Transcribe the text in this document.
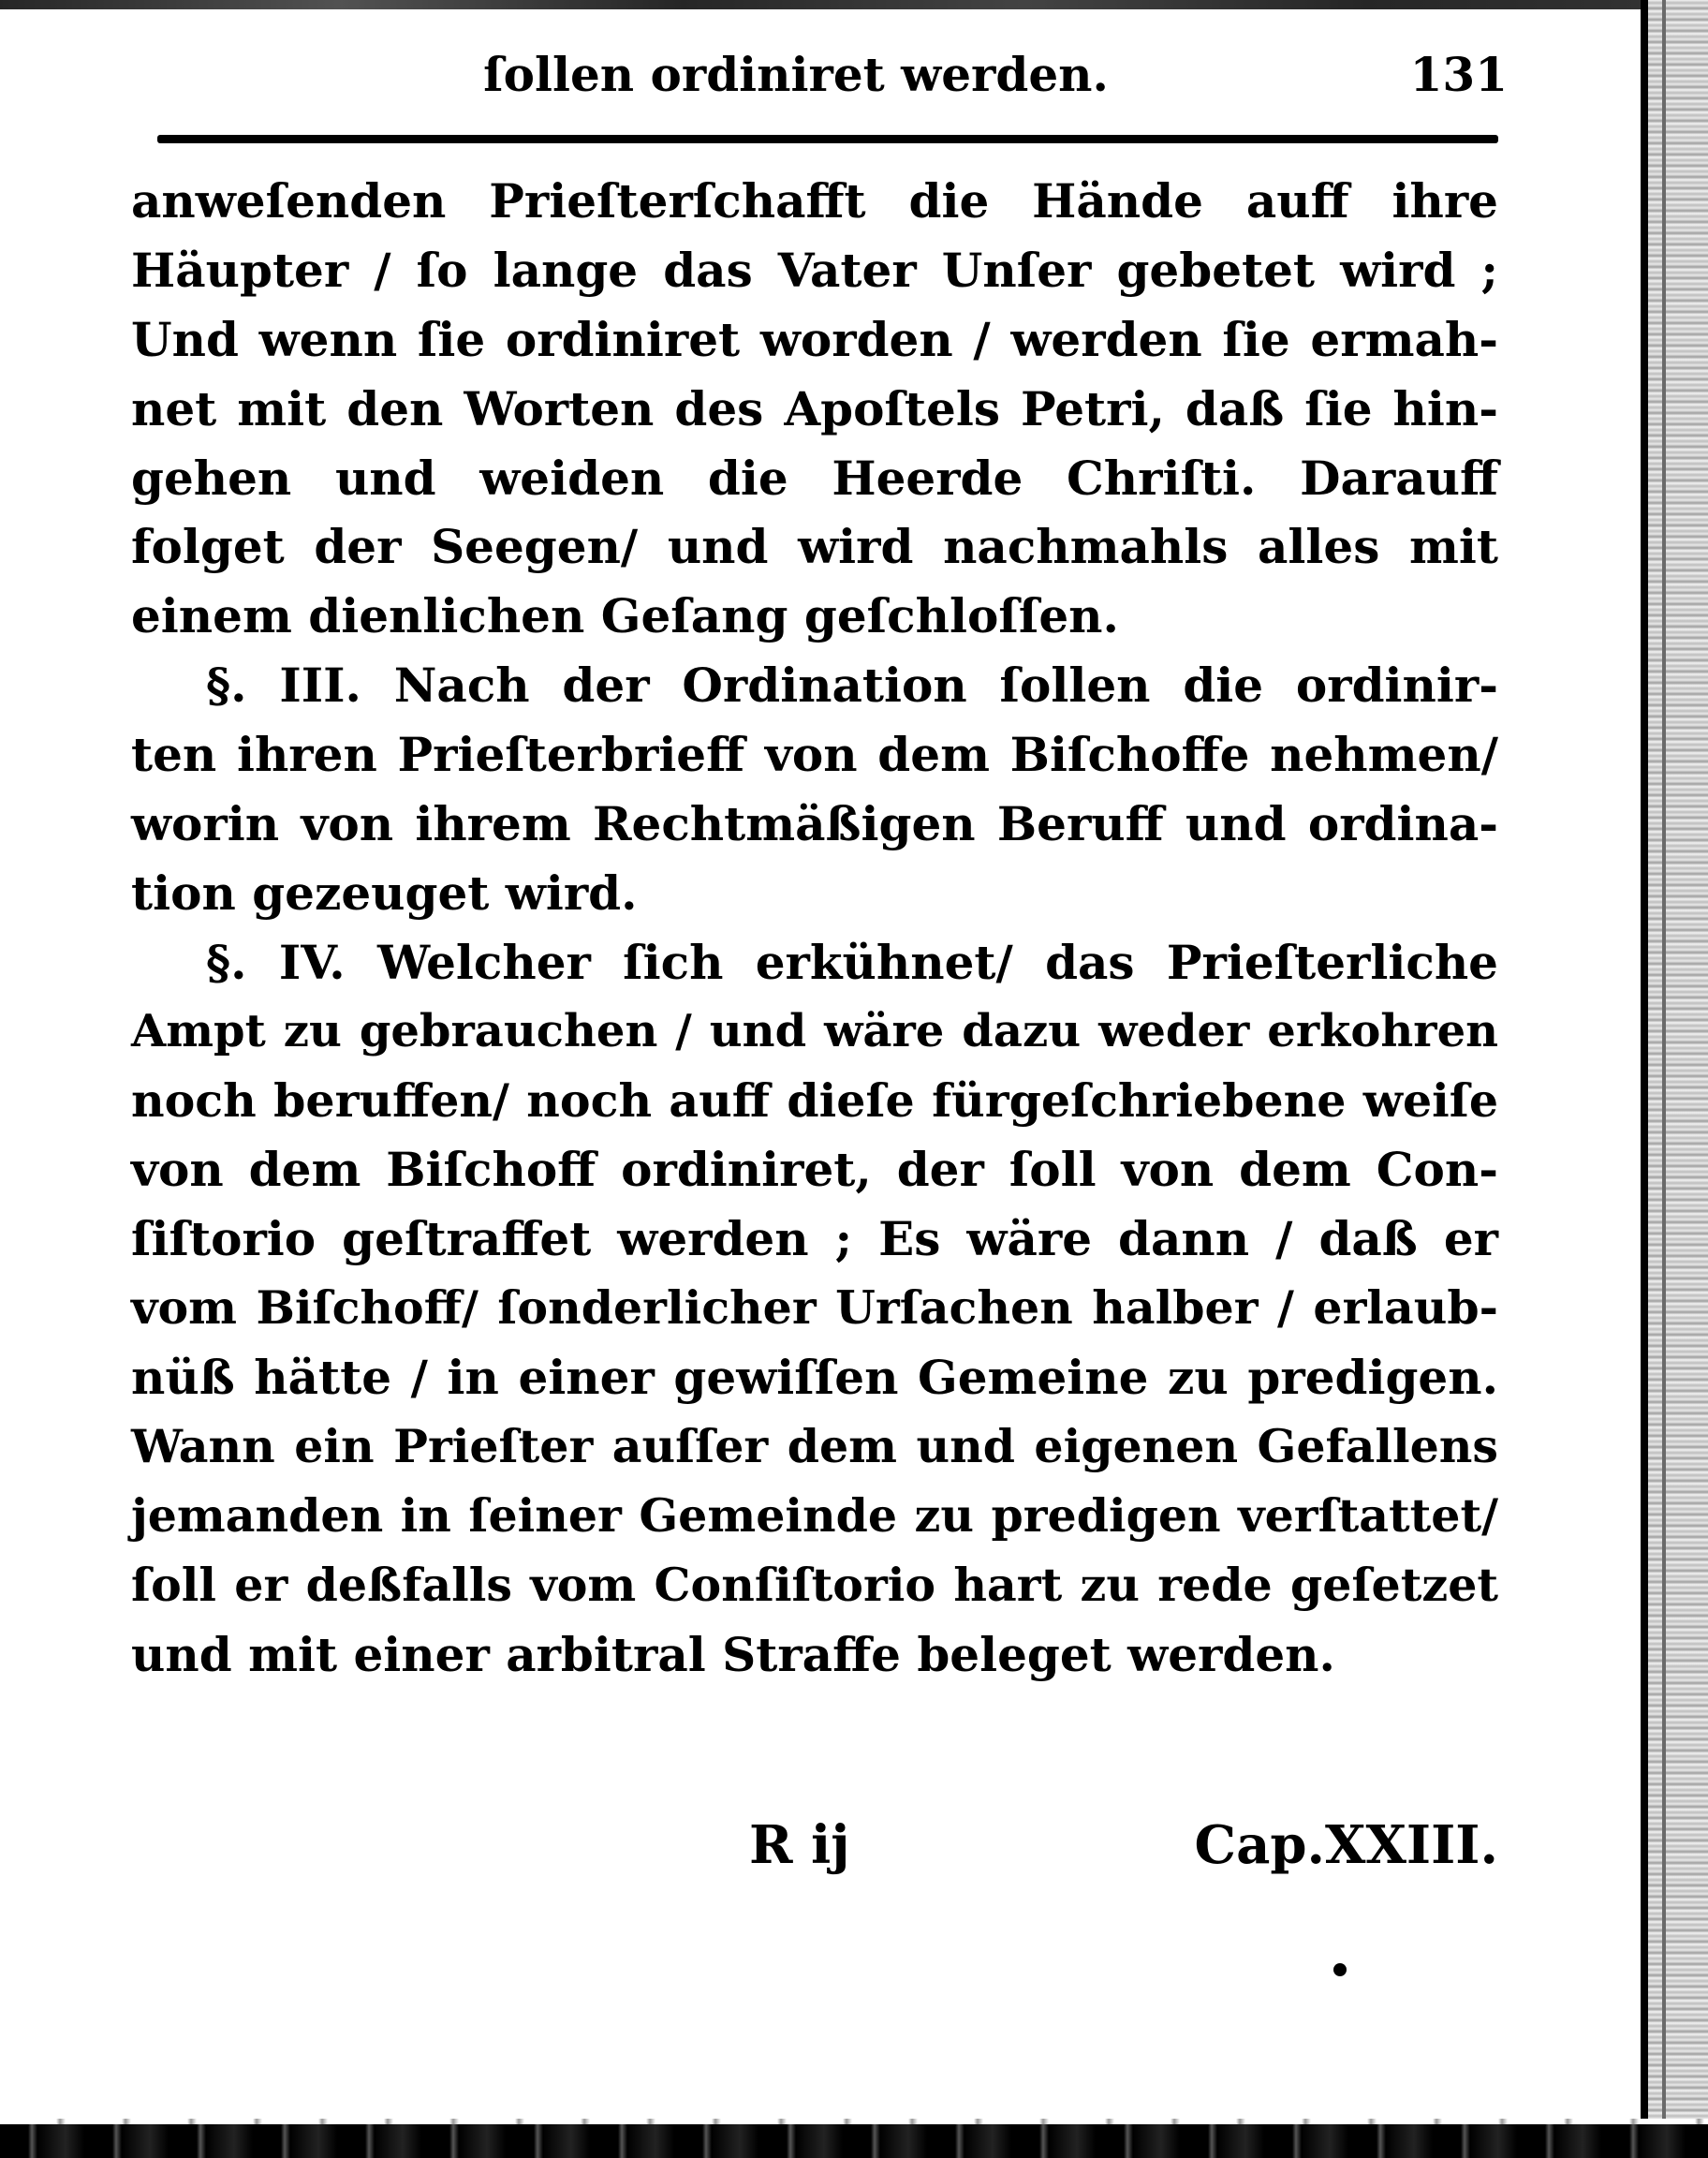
ſollen ordiniret werden.	131
anweſenden Prieſterſchafft die Hände auff ihre
Häupter / ſo lange das Vater Unſer gebetet wird ;
Und wenn ſie ordiniret worden / werden ſie ermah-
net mit den Worten des Apoſtels Petri, daß ſie hin-
gehen und weiden die Heerde Chriſti. Darauff
folget der Seegen/ und wird nachmahls alles mit
einem dienlichen Geſang geſchloſſen.
§. III. Nach der Ordination ſollen die ordinir-
ten ihren Prieſterbrieff von dem Biſchoffe nehmen/
worin von ihrem Rechtmäßigen Beruff und ordina-
tion gezeuget wird.
§. IV. Welcher ſich erkühnet/ das Prieſterliche
Ampt zu gebrauchen / und wäre dazu weder erkohren
noch beruffen/ noch auff dieſe fürgeſchriebene weiſe
von dem Biſchoff ordiniret, der ſoll von dem Con-
ſiſtorio geſtraffet werden ; Es wäre dann / daß er
vom Biſchoff/ ſonderlicher Urſachen halber / erlaub-
nüß hätte / in einer gewiſſen Gemeine zu predigen.
Wann ein Prieſter auſſer dem und eigenen Gefallens
jemanden in ſeiner Gemeinde zu predigen verſtattet/
ſoll er deßfalls vom Conſiſtorio hart zu rede geſetzet
und mit einer arbitral Straffe beleget werden.
R ij	Cap.XXIII.
